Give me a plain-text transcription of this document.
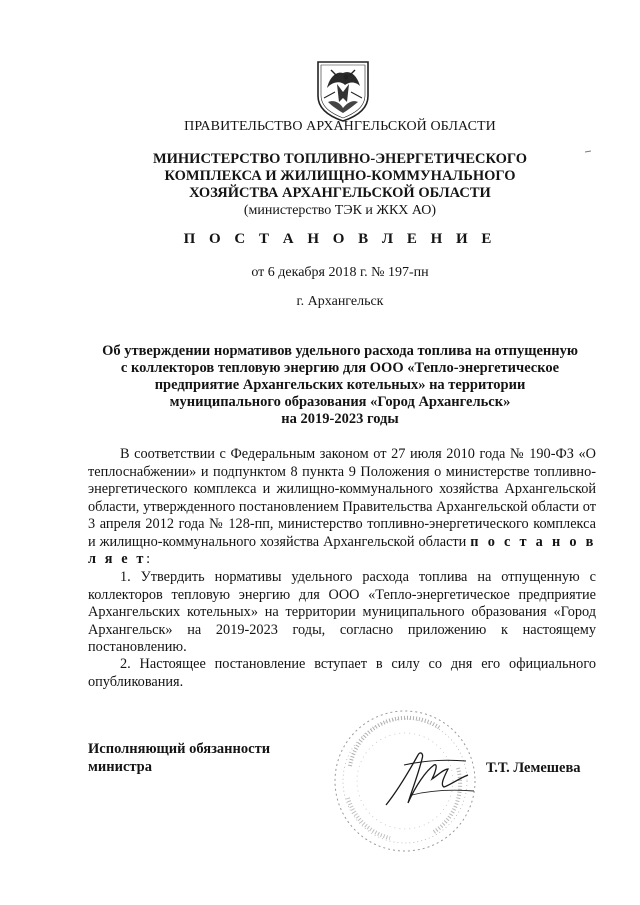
ПРАВИТЕЛЬСТВО АРХАНГЕЛЬСКОЙ ОБЛАСТИ
МИНИСТЕРСТВО ТОПЛИВНО-ЭНЕРГЕТИЧЕСКОГО
КОМПЛЕКСА И ЖИЛИЩНО-КОММУНАЛЬНОГО
ХОЗЯЙСТВА АРХАНГЕЛЬСКОЙ ОБЛАСТИ
(министерство ТЭК и ЖКХ АО)
П О С Т А Н О В Л Е Н И Е
от 6 декабря 2018 г. № 197-пн
г. Архангельск
Об утверждении нормативов удельного расхода топлива на отпущенную
с коллекторов тепловую энергию для ООО «Тепло-энергетическое
предприятие Архангельских котельных» на территории
муниципального образования «Город Архангельск»
на 2019-2023 годы
В соответствии с Федеральным законом от 27 июля 2010 года № 190-ФЗ «О теплоснабжении» и подпунктом 8 пункта 9 Положения о министерстве топливно-энергетического комплекса и жилищно-коммунального хозяйства Архангельской области, утвержденного постановлением Правительства Архангельской области от 3 апреля 2012 года № 128-пп, министерство топливно-энергетического комплекса и жилищно-коммунального хозяйства Архангельской области п о с т а н о в л я е т:
1. Утвердить нормативы удельного расхода топлива на отпущенную с коллекторов тепловую энергию для ООО «Тепло-энергетическое предприятие Архангельских котельных» на территории муниципального образования «Город Архангельск» на 2019-2023 годы, согласно приложению к настоящему постановлению.
2. Настоящее постановление вступает в силу со дня его официального опубликования.
Исполняющий обязанности
министра	Т.Т. Лемешева
